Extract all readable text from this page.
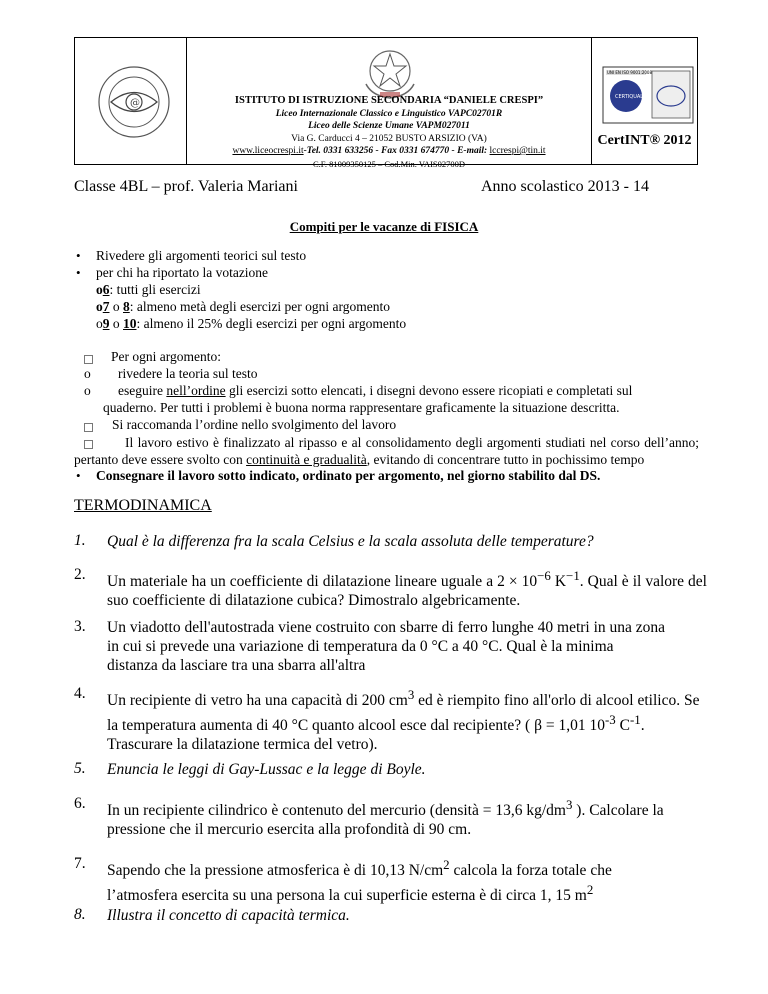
@	ISTITUTO DI ISTRUZIONE SECONDARIA “DANIELE CRESPI”
Liceo Internazionale Classico e Linguistico VAPC02701R
Liceo delle Scienze Umane VAPM027011
Via G. Carducci 4 – 21052 BUSTO ARSIZIO (VA)
www.liceocrespi.it-Tel. 0331 633256 - Fax 0331 674770 - E-mail: lccrespi@tin.it
C.F. 81009350125 – Cod.Min. VAIS02700D
UNI EN ISO 9001:2008
CERTIQUALITY
CertINT® 2012
Classe 4BL – prof. Valeria Mariani	Anno scolastico 2013 - 14
Compiti per le vacanze di FISICA
• Rivedere gli argomenti teorici sul testo
• per chi ha riportato la votazione
o6: tutti gli esercizi
o7 o 8: almeno metà degli esercizi per ogni argomento
o9 o 10: almeno il 25% degli esercizi per ogni argomento
Per ogni argomento:
o rivedere la teoria sul testo
o eseguire nell’ordine gli esercizi sotto elencati, i disegni devono essere ricopiati e completati sul
quaderno. Per tutti i problemi è buona norma rappresentare graficamente la situazione descritta.
Si raccomanda l’ordine nello svolgimento del lavoro
Il lavoro estivo è finalizzato al ripasso e al consolidamento degli argomenti studiati nel corso dell’anno; pertanto deve essere svolto con continuità e gradualità, evitando di concentrare tutto in pochissimo tempo
• Consegnare il lavoro sotto indicato, ordinato per argomento, nel giorno stabilito dal DS.
TERMODINAMICA
1. Qual è la differenza fra la scala Celsius e la scala assoluta delle temperature?
2. Un materiale ha un coefficiente di dilatazione lineare uguale a $2 \times 10^{-6}$ $K^{-1}$. Qual è il valore del suo coefficiente di dilatazione cubica? Dimostralo algebricamente.
3. Un viadotto dell'autostrada viene costruito con sbarre di ferro lunghe 40 metri in una zona in cui si prevede una variazione di temperatura da 0 °C a 40 °C. Qual è la minima distanza da lasciare tra una sbarra all'altra
4. Un recipiente di vetro ha una capacità di 200 $cm^3$ ed è riempito fino all'orlo di alcool etilico. Se la temperatura aumenta di 40 °C quanto alcool esce dal recipiente? ( β = 1,01 $10^{-3}$ $C^{-1}$. Trascurare la dilatazione termica del vetro).
5. Enuncia le leggi di Gay-Lussac e la legge di Boyle.
6. In un recipiente cilindrico è contenuto del mercurio (densità = 13,6 $kg/dm^3$ ). Calcolare la pressione che il mercurio esercita alla profondità di 90 cm.
7. Sapendo che la pressione atmosferica è di 10,13 $N/cm^2$ calcola la forza totale che l’atmosfera esercita su una persona la cui superficie esterna è di circa 1, 15 $m^2$
8. Illustra il concetto di capacità termica.
